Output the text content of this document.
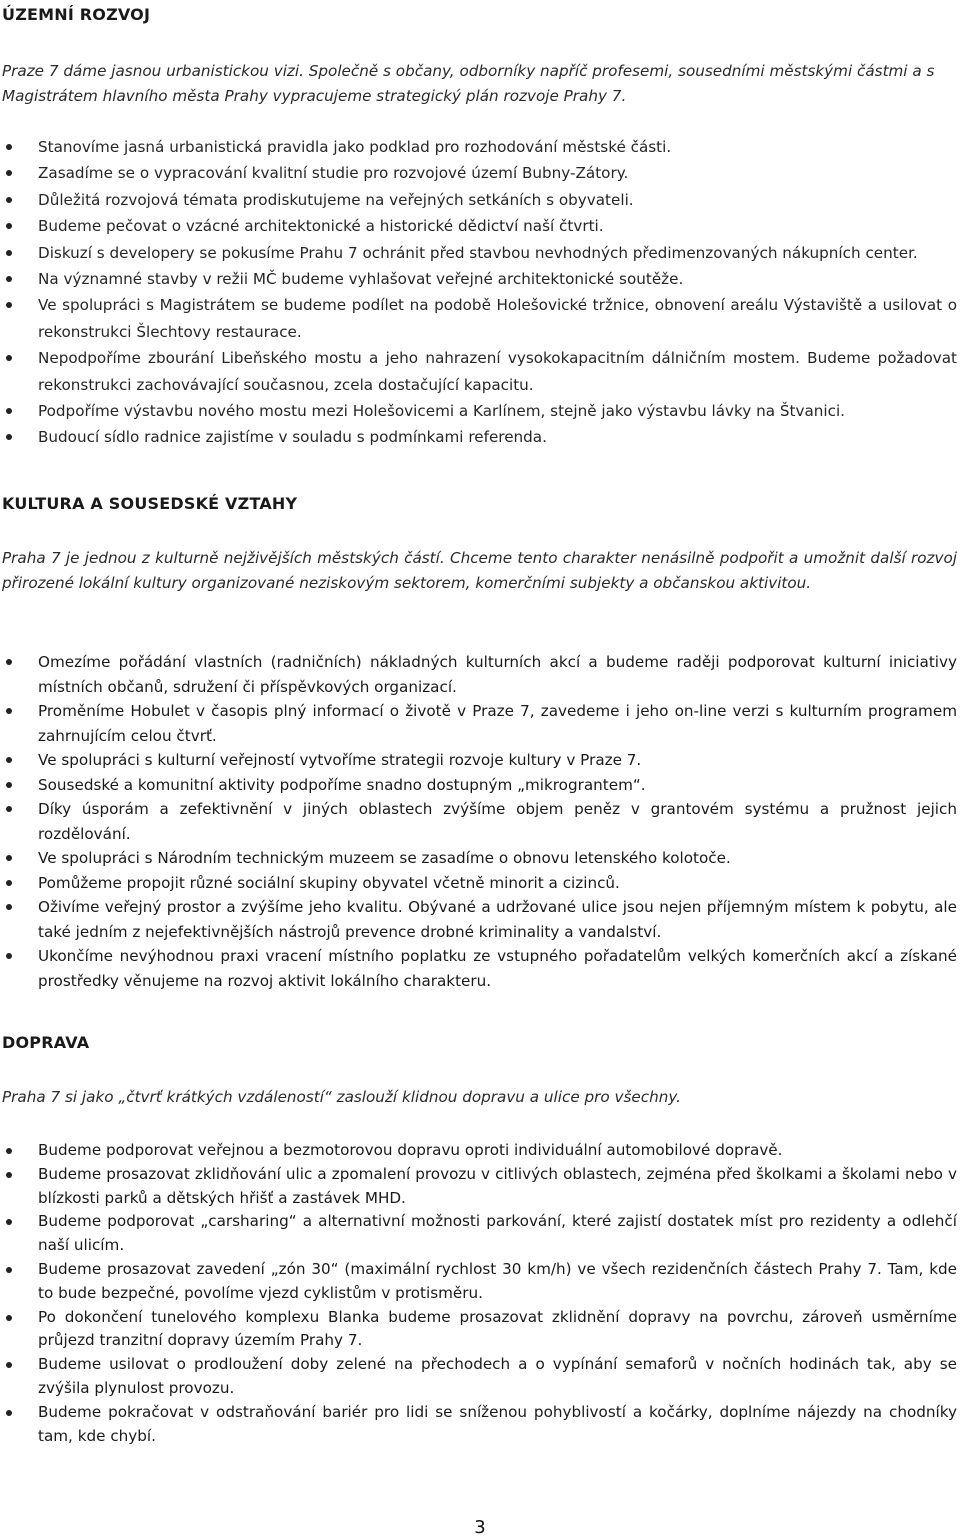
ÚZEMNÍ ROZVOJ

Praze 7 dáme jasnou urbanistickou vizi. Společně s občany, odborníky napříč profesemi, sousedními městskými částmi a s Magistrátem hlavního města Prahy vypracujeme strategický plán rozvoje Prahy 7.

Stanovíme jasná urbanistická pravidla jako podklad pro rozhodování městské části.
Zasadíme se o vypracování kvalitní studie pro rozvojové území Bubny-Zátory.
Důležitá rozvojová témata prodiskutujeme na veřejných setkáních s obyvateli.
Budeme pečovat o vzácné architektonické a historické dědictví naší čtvrti.
Diskuzí s developery se pokusíme Prahu 7 ochránit před stavbou nevhodných předimenzovaných nákupních center.
Na významné stavby v režii MČ budeme vyhlašovat veřejné architektonické soutěže.
Ve spolupráci s Magistrátem se budeme podílet na podobě Holešovické tržnice, obnovení areálu Výstaviště a usilovat o rekonstrukci Šlechtovy restaurace.
Nepodpoříme zbourání Libeňského mostu a jeho nahrazení vysokokapacitním dálničním mostem. Budeme požadovat rekonstrukci zachovávající současnou, zcela dostačující kapacitu.
Podpoříme výstavbu nového mostu mezi Holešovicemi a Karlínem, stejně jako výstavbu lávky na Štvanici.
Budoucí sídlo radnice zajistíme v souladu s podmínkami referenda.
KULTURA A SOUSEDSKÉ VZTAHY

Praha 7 je jednou z kulturně nejživějších městských částí. Chceme tento charakter nenásilně podpořit a umožnit další rozvoj přirozené lokální kultury organizované neziskovým sektorem, komerčními subjekty a občanskou aktivitou.

Omezíme pořádání vlastních (radničních) nákladných kulturních akcí a budeme raději podporovat kulturní iniciativy místních občanů, sdružení či příspěvkových organizací.
Proměníme Hobulet v časopis plný informací o životě v Praze 7, zavedeme i jeho on-line verzi s kulturním programem zahrnujícím celou čtvrť.
Ve spolupráci s kulturní veřejností vytvoříme strategii rozvoje kultury v Praze 7.
Sousedské a komunitní aktivity podpoříme snadno dostupným „mikrograntem“.
Díky úsporám a zefektivnění v jiných oblastech zvýšíme objem peněz v grantovém systému a pružnost jejich rozdělování.
Ve spolupráci s Národním technickým muzeem se zasadíme o obnovu letenského kolotoče.
Pomůžeme propojit různé sociální skupiny obyvatel včetně minorit a cizinců.
Oživíme veřejný prostor a zvýšíme jeho kvalitu. Obývané a udržované ulice jsou nejen příjemným místem k pobytu, ale také jedním z nejefektivnějších nástrojů prevence drobné kriminality a vandalství.
Ukončíme nevýhodnou praxi vracení místního poplatku ze vstupného pořadatelům velkých komerčních akcí a získané prostředky věnujeme na rozvoj aktivit lokálního charakteru.
DOPRAVA

Praha 7 si jako „čtvrť krátkých vzdáleností“ zaslouží klidnou dopravu a ulice pro všechny.

Budeme podporovat veřejnou a bezmotorovou dopravu oproti individuální automobilové dopravě.
Budeme prosazovat zklidňování ulic a zpomalení provozu v citlivých oblastech, zejména před školkami a školami nebo v blízkosti parků a dětských hřišť a zastávek MHD.
Budeme podporovat „carsharing“ a alternativní možnosti parkování, které zajistí dostatek míst pro rezidenty a odlehčí naší ulicím.
Budeme prosazovat zavedení „zón 30“ (maximální rychlost 30 km/h) ve všech rezidenčních částech Prahy 7. Tam, kde to bude bezpečné, povolíme vjezd cyklistům v protisměru.
Po dokončení tunelového komplexu Blanka budeme prosazovat zklidnění dopravy na povrchu, zároveň usměrníme průjezd tranzitní dopravy územím Prahy 7.
Budeme usilovat o prodloužení doby zelené na přechodech a o vypínání semaforů v nočních hodinách tak, aby se zvýšila plynulost provozu.
Budeme pokračovat v odstraňování bariér pro lidi se sníženou pohyblivostí a kočárky, doplníme nájezdy na chodníky tam, kde chybí.
3
